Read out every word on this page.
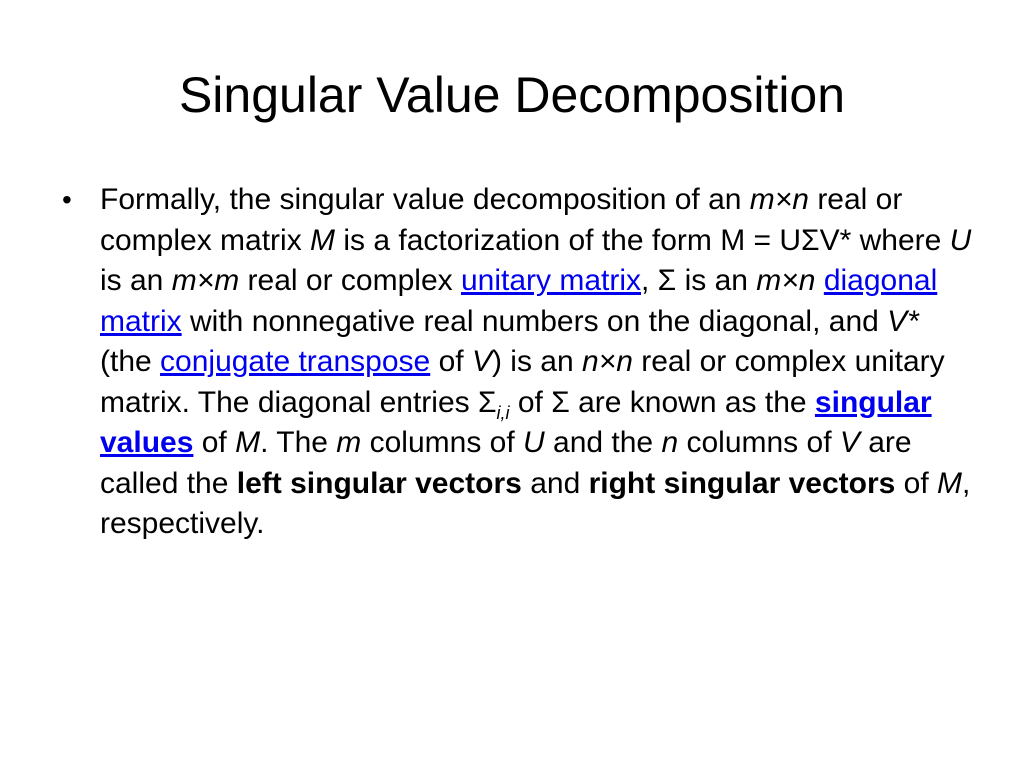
Singular Value Decomposition
• Formally, the singular value decomposition of an m×n real or complex matrix M is a factorization of the form M = UΣV* where U is an m×m real or complex unitary matrix, Σ is an m×n diagonal matrix with nonnegative real numbers on the diagonal, and V* (the conjugate transpose of V) is an n×n real or complex unitary matrix. The diagonal entries $\Sigma_{i,i}$ of Σ are known as the singular values of M. The m columns of U and the n columns of V are called the left singular vectors and right singular vectors of M, respectively.
